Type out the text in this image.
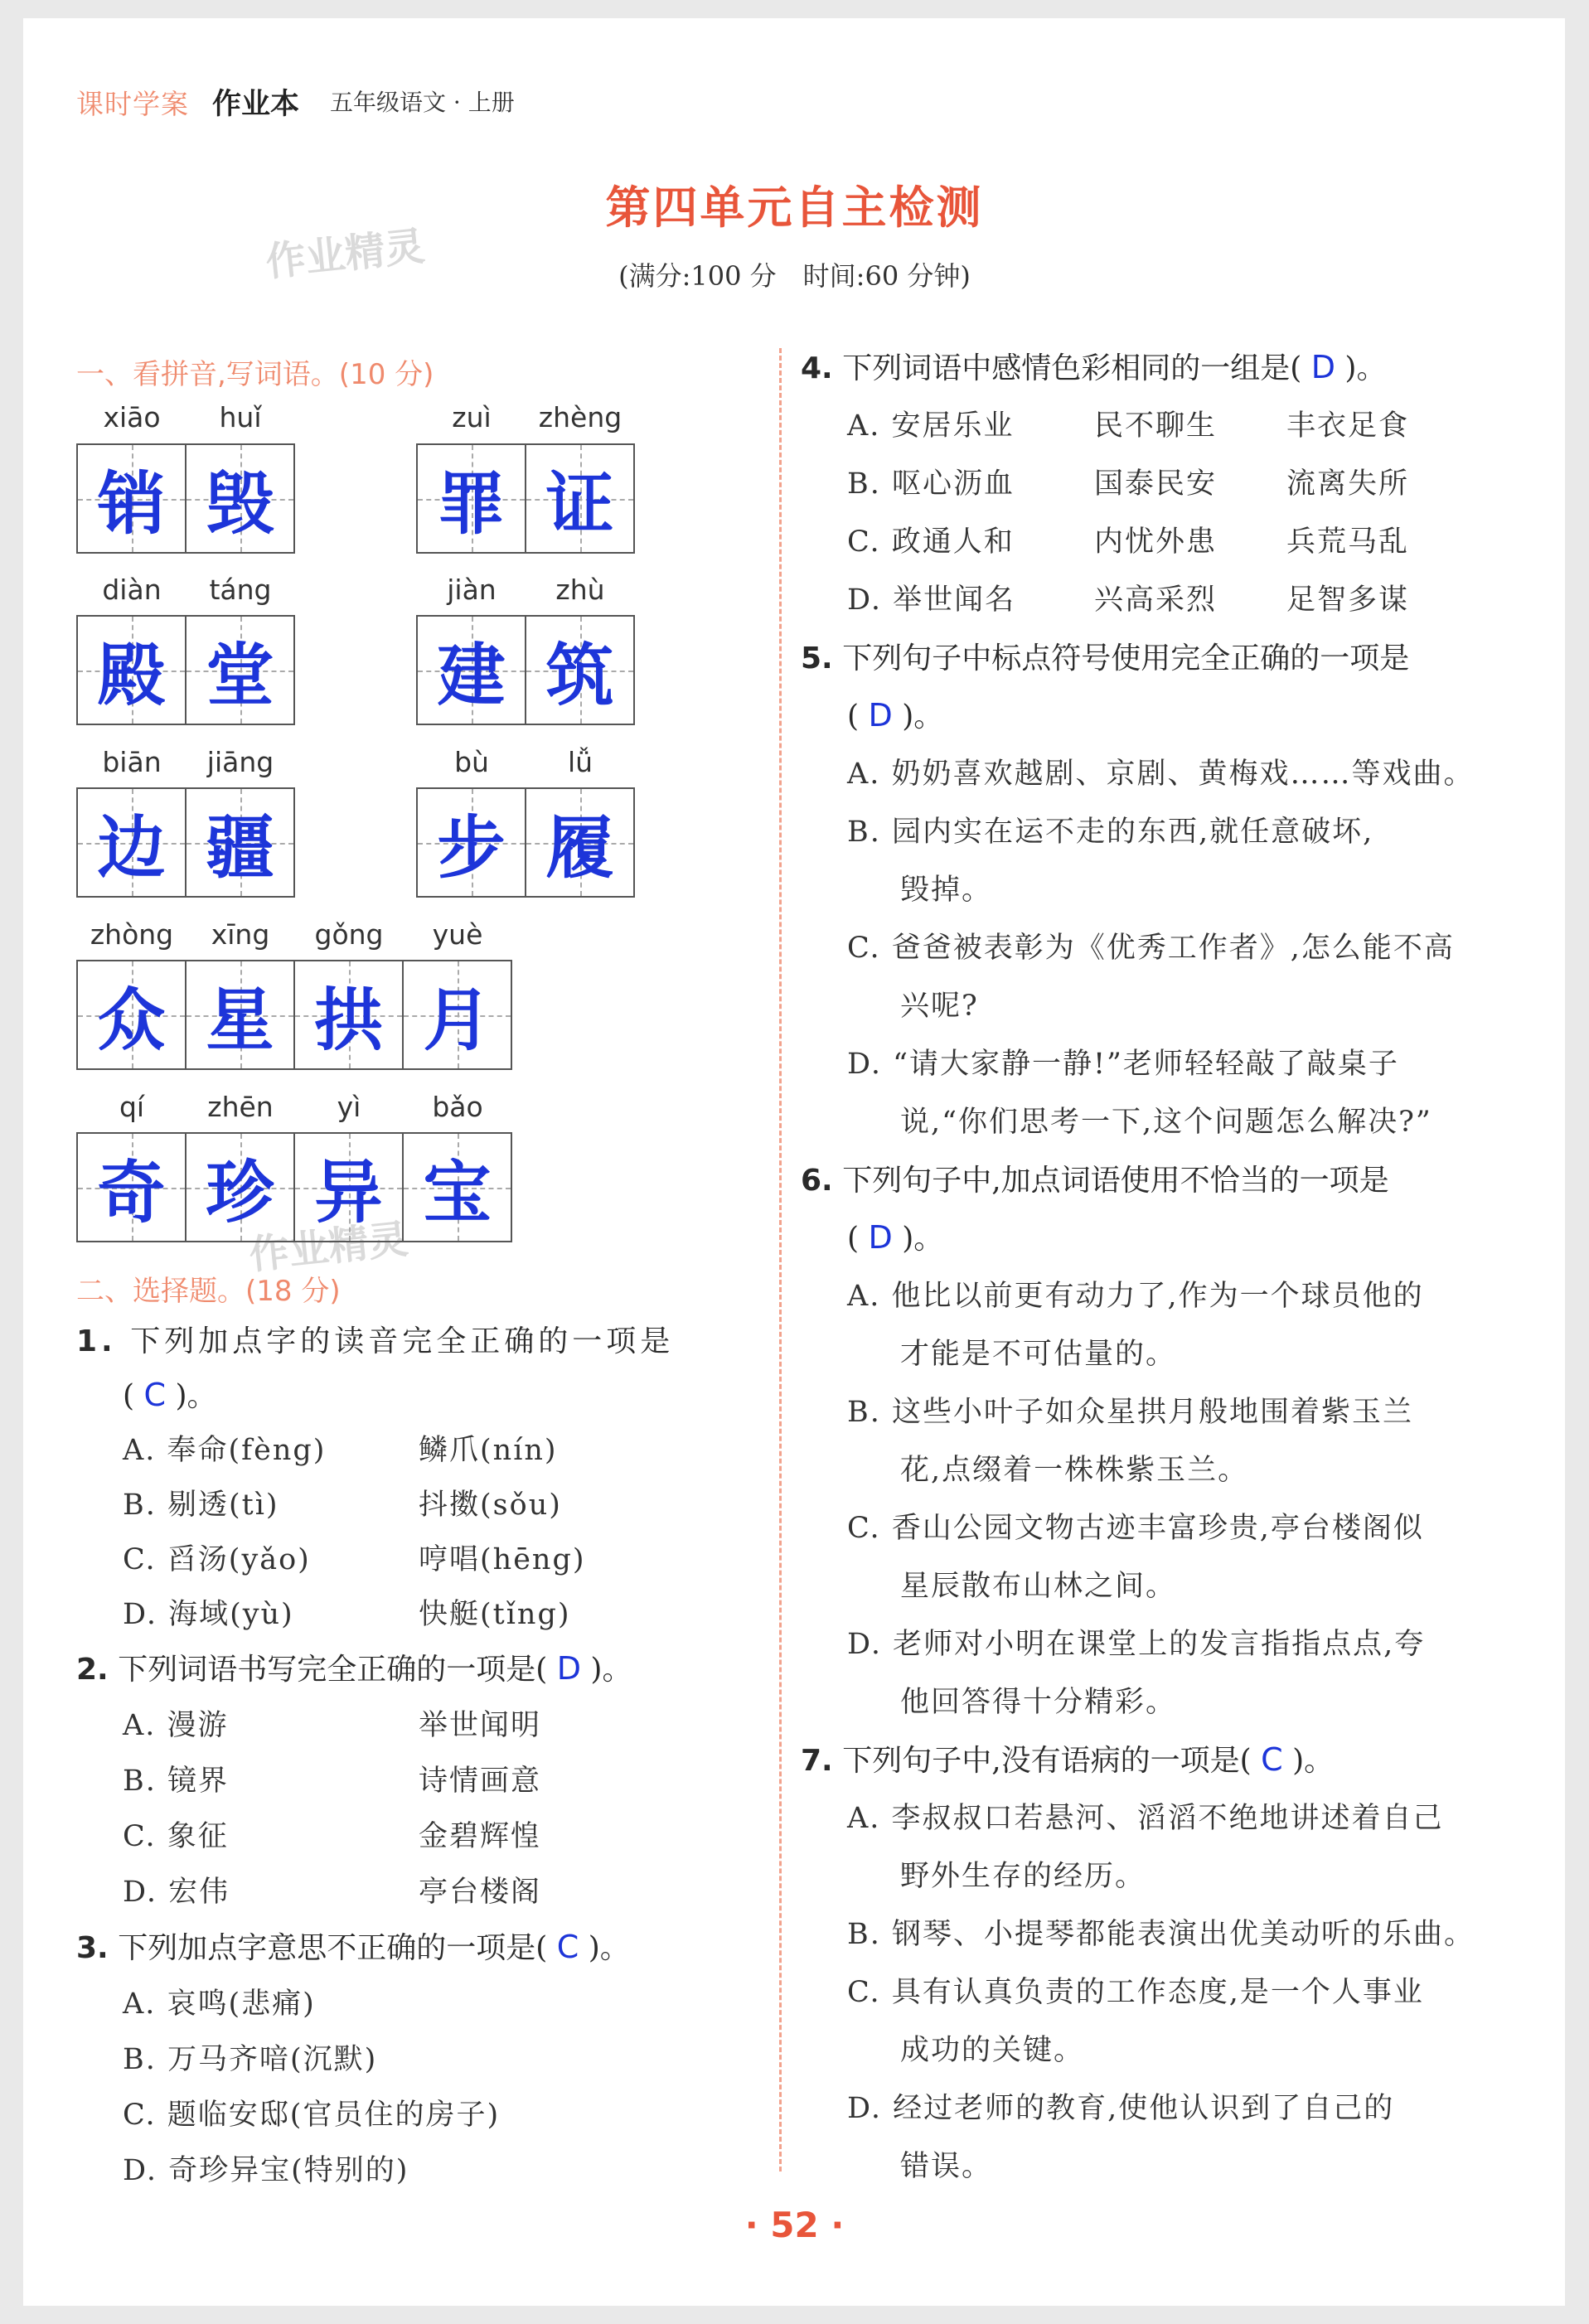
课时学案 作业本 五年级语文 · 上册
第四单元自主检测
(满分:100 分　时间:60 分钟)
作业精灵
作业精灵
一、看拼音,写词语。(10 分)
xiāo	huǐ
销 毁
zuì	zhèng
罪 证
diàn	táng
殿 堂
jiàn	zhù
建 筑
biān	jiāng
边 疆
bù	lǚ
步 履
zhòng	xīng	gǒng	yuè
众 星 拱 月
qí	zhēn	yì	bǎo
奇 珍 异 宝
二、选择题。(18 分)
1. 下列加点字的读音完全正确的一项是
( C )。
A. 奉命(fèng)	鳞爪(nín)
B. 剔透(tì)	抖擞(sǒu)
C. 舀汤(yǎo)	哼唱(hēng)
D. 海域(yù)	快艇(tǐng)
2. 下列词语书写完全正确的一项是( D )。
A. 漫游	举世闻明
B. 镜界	诗情画意
C. 象征	金碧辉惶
D. 宏伟	亭台楼阁
3. 下列加点字意思不正确的一项是( C )。
A. 哀鸣(悲痛)
B. 万马齐喑(沉默)
C. 题临安邸(官员住的房子)
D. 奇珍异宝(特别的)
4. 下列词语中感情色彩相同的一组是( D )。
A. 安居乐业	民不聊生 丰衣足食
B. 呕心沥血	国泰民安 流离失所
C. 政通人和	内忧外患 兵荒马乱
D. 举世闻名	兴高采烈 足智多谋
5. 下列句子中标点符号使用完全正确的一项是
( D )。
A. 奶奶喜欢越剧、京剧、黄梅戏……等戏曲。
B. 园内实在运不走的东西,就任意破坏,
毁掉。
C. 爸爸被表彰为《优秀工作者》,怎么能不高
兴呢?
D. “请大家静一静!”老师轻轻敲了敲桌子
说,“你们思考一下,这个问题怎么解决?”
6. 下列句子中,加点词语使用不恰当的一项是
( D )。
A. 他比以前更有动力了,作为一个球员他的
才能是不可估量的。
B. 这些小叶子如众星拱月般地围着紫玉兰
花,点缀着一株株紫玉兰。
C. 香山公园文物古迹丰富珍贵,亭台楼阁似
星辰散布山林之间。
D. 老师对小明在课堂上的发言指指点点,夸
他回答得十分精彩。
7. 下列句子中,没有语病的一项是( C )。
A. 李叔叔口若悬河、滔滔不绝地讲述着自己
野外生存的经历。
B. 钢琴、小提琴都能表演出优美动听的乐曲。
C. 具有认真负责的工作态度,是一个人事业
成功的关键。
D. 经过老师的教育,使他认识到了自己的
错误。
· 52 ·
